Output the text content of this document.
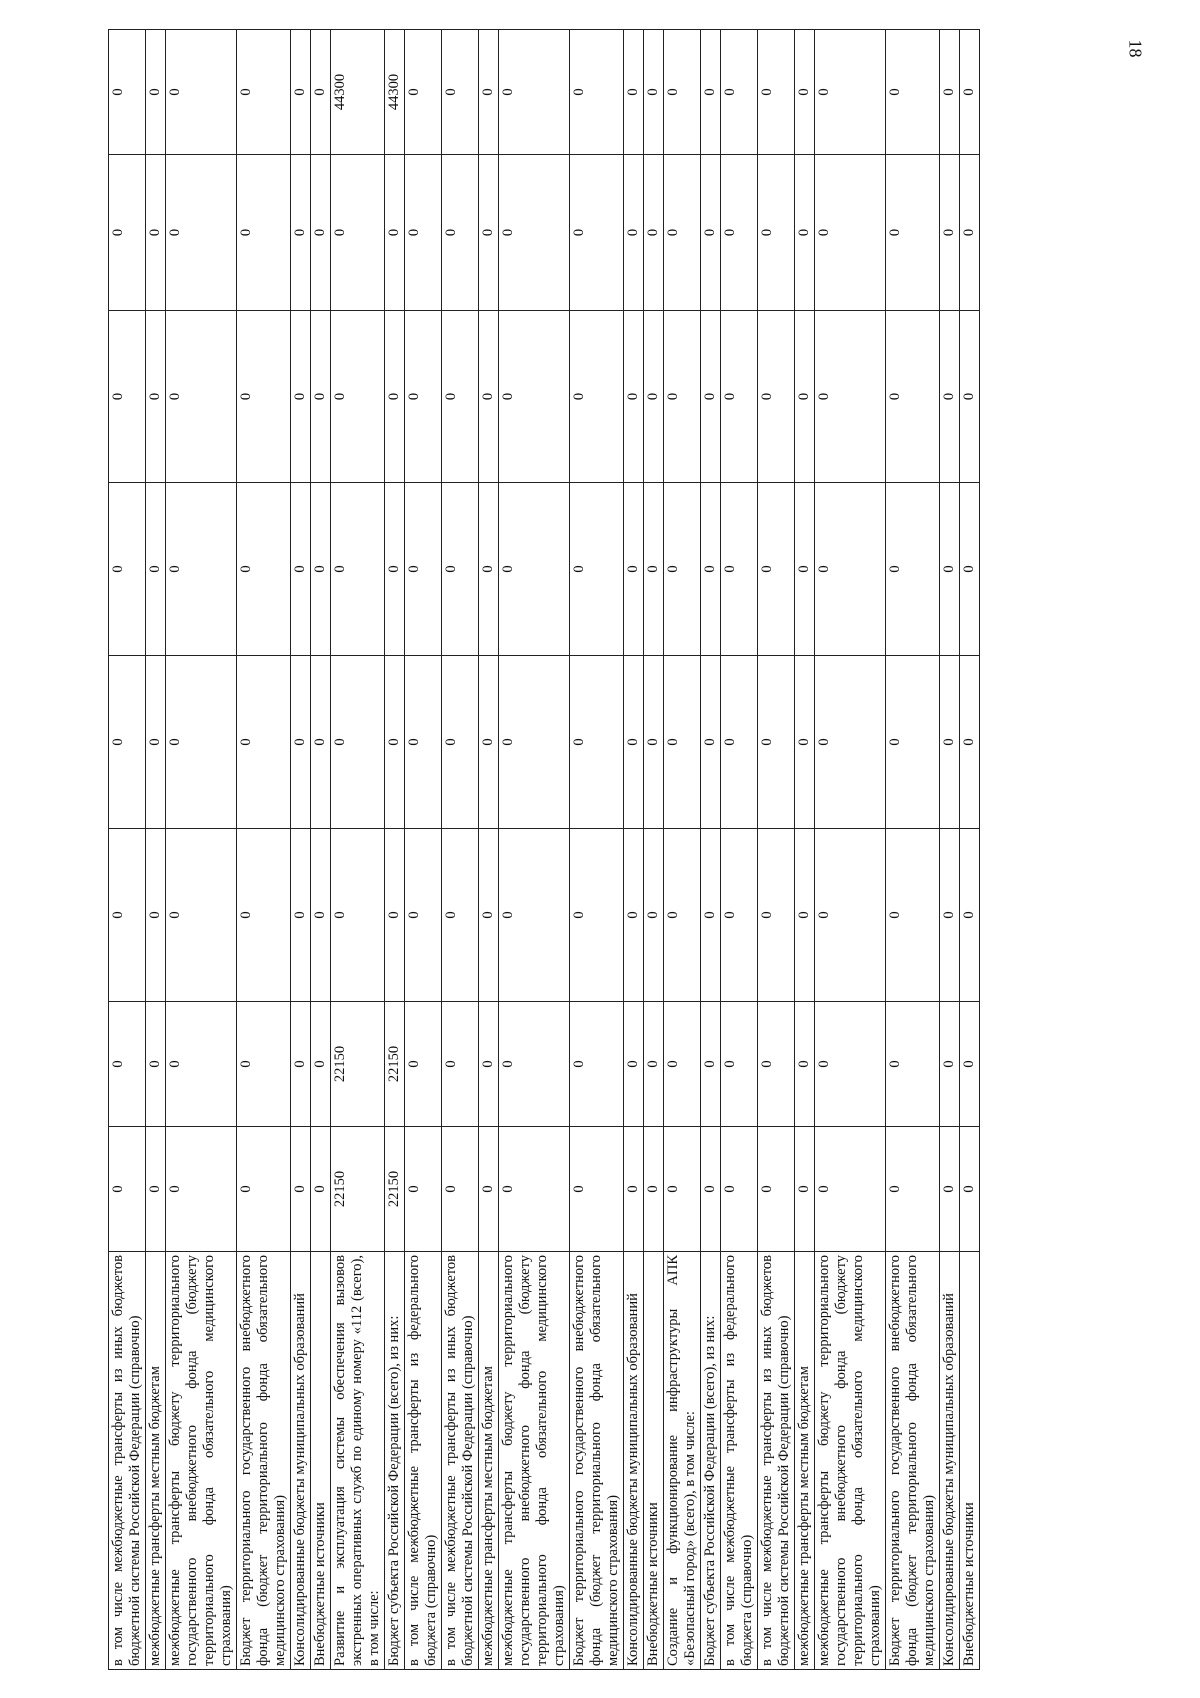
в том числе межбюджетные трансферты из иных бюджетов бюджетной системы Российской Федерации (справочно)	0	0	0	0	0	0	0	0
межбюджетные трансферты местным бюджетам	0	0	0	0	0	0	0	0
межбюджетные трансферты бюджету территориального государственного внебюджетного фонда (бюджету территориального фонда обязательного медицинского страхования)	0	0	0	0	0	0	0	0
Бюджет территориального государственного внебюджетного фонда (бюджет территориального фонда обязательного медицинского страхования)	0	0	0	0	0	0	0	0
Консолидированные бюджеты муниципальных образований	0	0	0	0	0	0	0	0
Внебюджетные источники	0	0	0	0	0	0	0	0
Развитие и эксплуатация системы обеспечения вызовов экстренных оперативных служб по единому номеру «112 (всего), в том числе:	22150	22150	0	0	0	0	0	44300
Бюджет субъекта Российской Федерации (всего), из них:	22150	22150	0	0	0	0	0	44300
в том числе межбюджетные трансферты из федерального бюджета (справочно)	0	0	0	0	0	0	0	0
в том числе межбюджетные трансферты из иных бюджетов бюджетной системы Российской Федерации (справочно)	0	0	0	0	0	0	0	0
межбюджетные трансферты местным бюджетам	0	0	0	0	0	0	0	0
межбюджетные трансферты бюджету территориального государственного внебюджетного фонда (бюджету территориального фонда обязательного медицинского страхования)	0	0	0	0	0	0	0	0
Бюджет территориального государственного внебюджетного фонда (бюджет территориального фонда обязательного медицинского страхования)	0	0	0	0	0	0	0	0
Консолидированные бюджеты муниципальных образований	0	0	0	0	0	0	0	0
Внебюджетные источники	0	0	0	0	0	0	0	0
Создание и функционирование инфраструктуры АПК «Безопасный город» (всего), в том числе:	0	0	0	0	0	0	0	0
Бюджет субъекта Российской Федерации (всего), из них:	0	0	0	0	0	0	0	0
в том числе межбюджетные трансферты из федерального бюджета (справочно)	0	0	0	0	0	0	0	0
в том числе межбюджетные трансферты из иных бюджетов бюджетной системы Российской Федерации (справочно)	0	0	0	0	0	0	0	0
межбюджетные трансферты местным бюджетам	0	0	0	0	0	0	0	0
межбюджетные трансферты бюджету территориального государственного внебюджетного фонда (бюджету территориального фонда обязательного медицинского страхования)	0	0	0	0	0	0	0	0
Бюджет территориального государственного внебюджетного фонда (бюджет территориального фонда обязательного медицинского страхования)	0	0	0	0	0	0	0	0
Консолидированные бюджеты муниципальных образований	0	0	0	0	0	0	0	0
Внебюджетные источники	0	0	0	0	0	0	0	0
18
